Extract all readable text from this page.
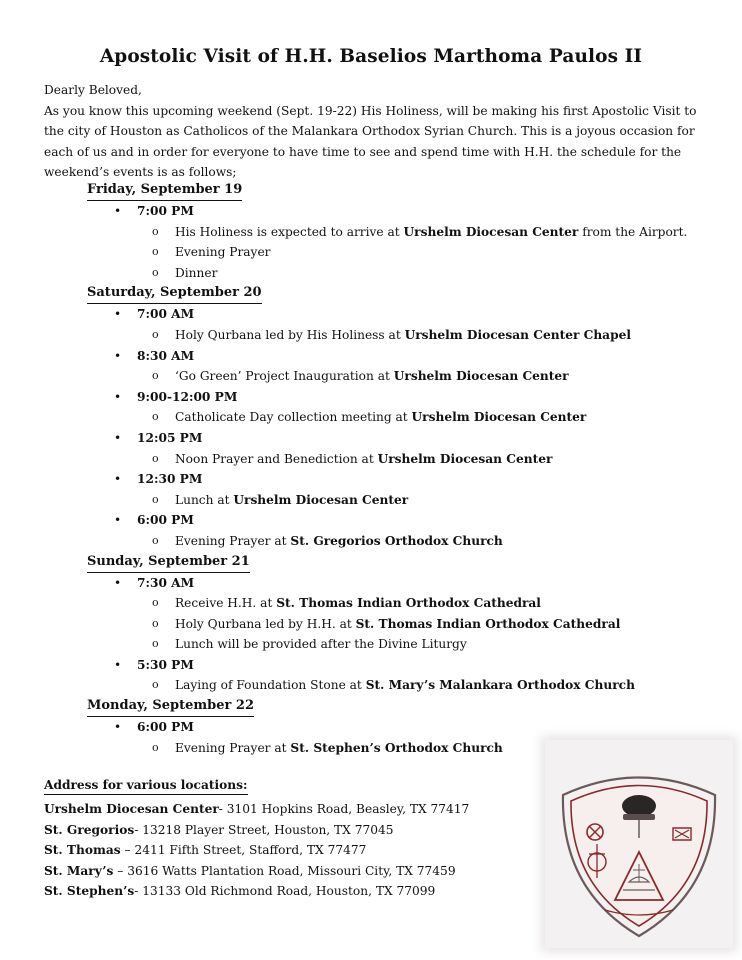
Apostolic Visit of H.H. Baselios Marthoma Paulos II

Dearly Beloved,

As you know this upcoming weekend (Sept. 19-22) His Holiness, will be making his first Apostolic Visit to the city of Houston as Catholicos of the Malankara Orthodox Syrian Church. This is a joyous occasion for each of us and in order for everyone to have time to see and spend time with H.H. the schedule for the weekend’s events is as follows;

Friday, September 19
• 7:00 PM
o His Holiness is expected to arrive at Urshelm Diocesan Center from the Airport.
o Evening Prayer
o Dinner
Saturday, September 20
• 7:00 AM
o Holy Qurbana led by His Holiness at Urshelm Diocesan Center Chapel
• 8:30 AM
o ‘Go Green’ Project Inauguration at Urshelm Diocesan Center
• 9:00-12:00 PM
o Catholicate Day collection meeting at Urshelm Diocesan Center
• 12:05 PM
o Noon Prayer and Benediction at Urshelm Diocesan Center
• 12:30 PM
o Lunch at Urshelm Diocesan Center
• 6:00 PM
o Evening Prayer at St. Gregorios Orthodox Church
Sunday, September 21
• 7:30 AM
o Receive H.H. at St. Thomas Indian Orthodox Cathedral
o Holy Qurbana led by H.H. at St. Thomas Indian Orthodox Cathedral
o Lunch will be provided after the Divine Liturgy
• 5:30 PM
o Laying of Foundation Stone at St. Mary’s Malankara Orthodox Church
Monday, September 22
• 6:00 PM
o Evening Prayer at St. Stephen’s Orthodox Church
Address for various locations:
Urshelm Diocesan Center- 3101 Hopkins Road, Beasley, TX 77417
St. Gregorios- 13218 Player Street, Houston, TX 77045
St. Thomas – 2411 Fifth Street, Stafford, TX 77477
St. Mary’s – 3616 Watts Plantation Road, Missouri City, TX 77459
St. Stephen’s- 13133 Old Richmond Road, Houston, TX 77099
